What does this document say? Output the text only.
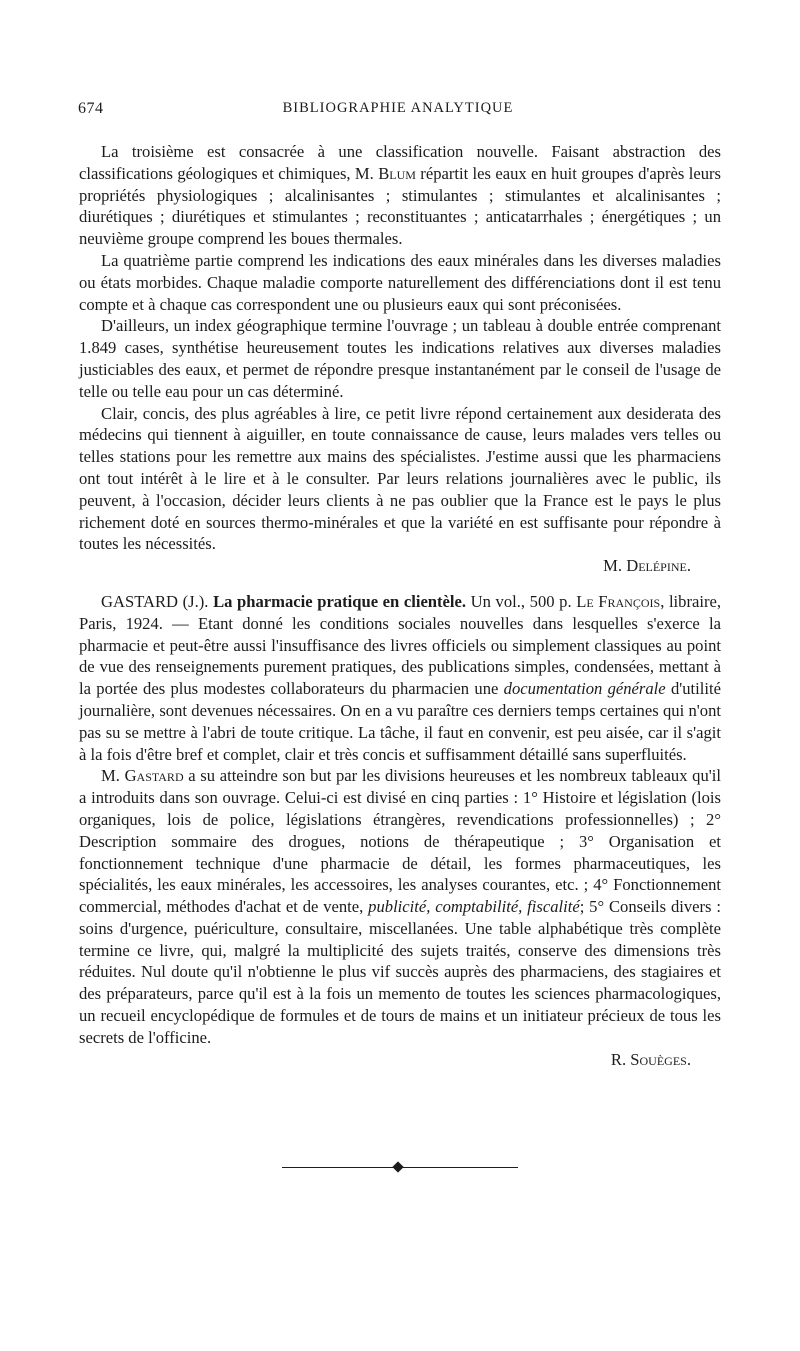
674	BIBLIOGRAPHIE ANALYTIQUE

La troisième est consacrée à une classification nouvelle. Faisant abstraction des classifications géologiques et chimiques, M. Blum répartit les eaux en huit groupes d'après leurs propriétés physiologiques ; alcalinisantes ; stimulantes ; stimulantes et alcalinisantes ; diurétiques ; diurétiques et stimulantes ; reconstituantes ; anticatarrhales ; énergétiques ; un neuvième groupe comprend les boues thermales.

La quatrième partie comprend les indications des eaux minérales dans les diverses maladies ou états morbides. Chaque maladie comporte naturellement des différenciations dont il est tenu compte et à chaque cas correspondent une ou plusieurs eaux qui sont préconisées.

D'ailleurs, un index géographique termine l'ouvrage ; un tableau à double entrée comprenant 1.849 cases, synthétise heureusement toutes les indications relatives aux diverses maladies justiciables des eaux, et permet de répondre presque instantanément par le conseil de l'usage de telle ou telle eau pour un cas déterminé.

Clair, concis, des plus agréables à lire, ce petit livre répond certainement aux desiderata des médecins qui tiennent à aiguiller, en toute connaissance de cause, leurs malades vers telles ou telles stations pour les remettre aux mains des spécialistes. J'estime aussi que les pharmaciens ont tout intérêt à le lire et à le consulter. Par leurs relations journalières avec le public, ils peuvent, à l'occasion, décider leurs clients à ne pas oublier que la France est le pays le plus richement doté en sources thermo-minérales et que la variété en est suffisante pour répondre à toutes les nécessités.

M. Delépine.

GASTARD (J.). La pharmacie pratique en clientèle. Un vol., 500 p. Le François, libraire, Paris, 1924. — Etant donné les conditions sociales nouvelles dans lesquelles s'exerce la pharmacie et peut-être aussi l'insuffisance des livres officiels ou simplement classiques au point de vue des renseignements purement pratiques, des publications simples, condensées, mettant à la portée des plus modestes collaborateurs du pharmacien une documentation générale d'utilité journalière, sont devenues nécessaires. On en a vu paraître ces derniers temps certaines qui n'ont pas su se mettre à l'abri de toute critique. La tâche, il faut en convenir, est peu aisée, car il s'agit à la fois d'être bref et complet, clair et très concis et suffisamment détaillé sans superfluités.

M. Gastard a su atteindre son but par les divisions heureuses et les nombreux tableaux qu'il a introduits dans son ouvrage. Celui-ci est divisé en cinq parties : 1° Histoire et législation (lois organiques, lois de police, législations étrangères, revendications professionnelles) ; 2° Description sommaire des drogues, notions de thérapeutique ; 3° Organisation et fonctionnement technique d'une pharmacie de détail, les formes pharmaceutiques, les spécialités, les eaux minérales, les accessoires, les analyses courantes, etc. ; 4° Fonctionnement commercial, méthodes d'achat et de vente, publicité, comptabilité, fiscalité; 5° Conseils divers : soins d'urgence, puériculture, consultaire, miscellanées. Une table alphabétique très complète termine ce livre, qui, malgré la multiplicité des sujets traités, conserve des dimensions très réduites. Nul doute qu'il n'obtienne le plus vif succès auprès des pharmaciens, des stagiaires et des préparateurs, parce qu'il est à la fois un memento de toutes les sciences pharmacologiques, un recueil encyclopédique de formules et de tours de mains et un initiateur précieux de tous les secrets de l'officine.

R. Souèges.
